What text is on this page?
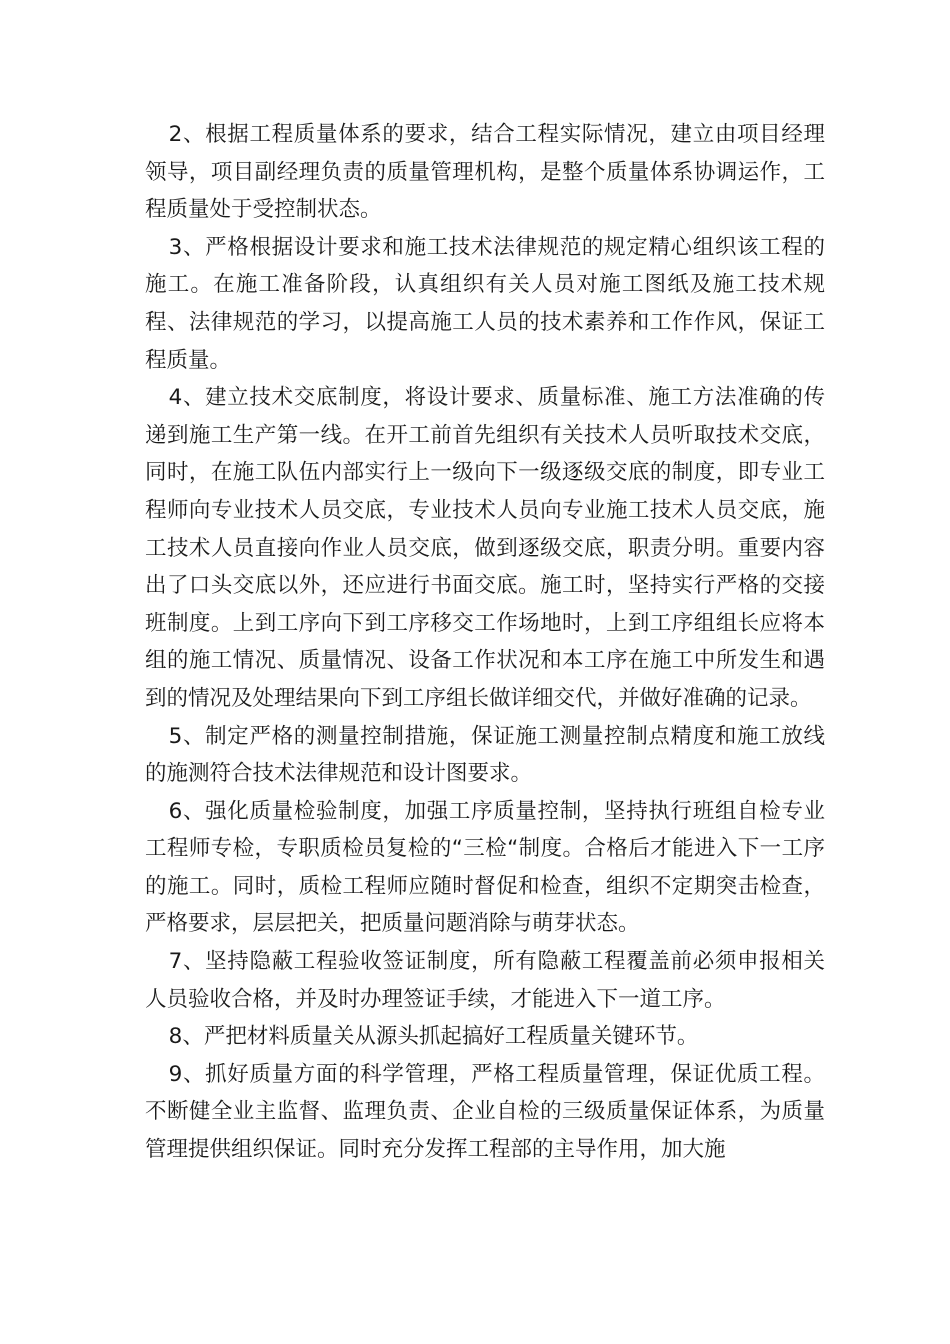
2、根据工程质量体系的要求，结合工程实际情况，建立由项目经理领导，项目副经理负责的质量管理机构，是整个质量体系协调运作，工程质量处于受控制状态。

3、严格根据设计要求和施工技术法律规范的规定精心组织该工程的施工。在施工准备阶段，认真组织有关人员对施工图纸及施工技术规程、法律规范的学习，以提高施工人员的技术素养和工作作风，保证工程质量。

4、建立技术交底制度，将设计要求、质量标准、施工方法准确的传递到施工生产第一线。在开工前首先组织有关技术人员听取技术交底，同时，在施工队伍内部实行上一级向下一级逐级交底的制度，即专业工程师向专业技术人员交底，专业技术人员向专业施工技术人员交底，施工技术人员直接向作业人员交底，做到逐级交底，职责分明。重要内容出了口头交底以外，还应进行书面交底。施工时，坚持实行严格的交接班制度。上到工序向下到工序移交工作场地时，上到工序组组长应将本组的施工情况、质量情况、设备工作状况和本工序在施工中所发生和遇到的情况及处理结果向下到工序组长做详细交代，并做好准确的记录。

5、制定严格的测量控制措施，保证施工测量控制点精度和施工放线的施测符合技术法律规范和设计图要求。

6、强化质量检验制度，加强工序质量控制，坚持执行班组自检专业工程师专检，专职质检员复检的“三检“制度。合格后才能进入下一工序的施工。同时，质检工程师应随时督促和检查，组织不定期突击检查，严格要求，层层把关，把质量问题消除与萌芽状态。

7、坚持隐蔽工程验收签证制度，所有隐蔽工程覆盖前必须申报相关人员验收合格，并及时办理签证手续，才能进入下一道工序。

8、严把材料质量关从源头抓起搞好工程质量关键环节。

9、抓好质量方面的科学管理，严格工程质量管理，保证优质工程。不断健全业主监督、监理负责、企业自检的三级质量保证体系，为质量管理提供组织保证。同时充分发挥工程部的主导作用，加大施
